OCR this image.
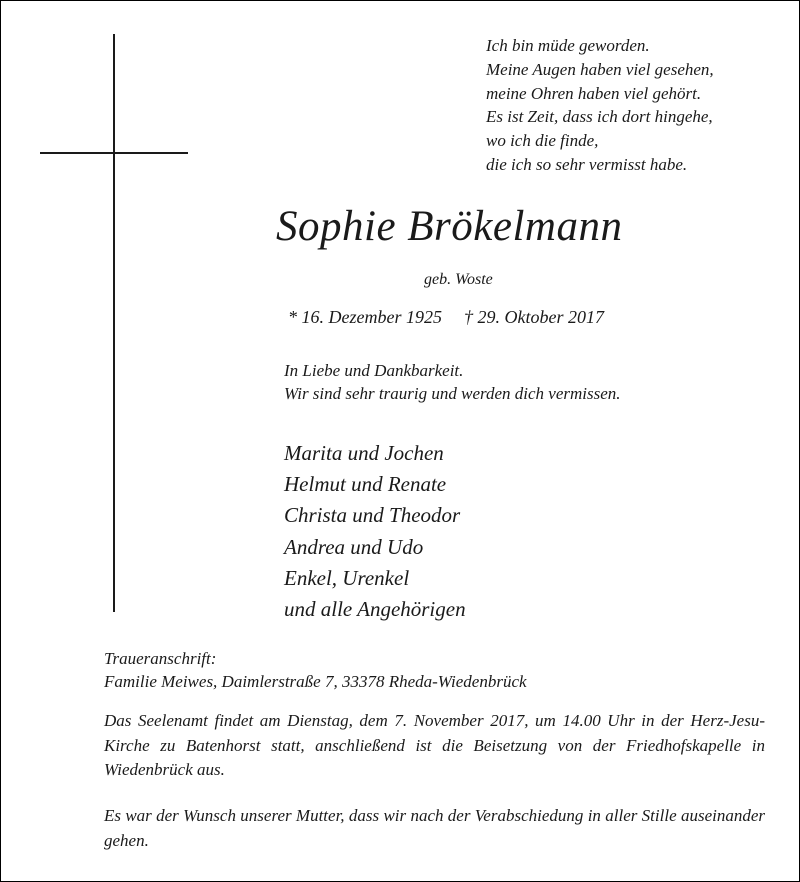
Ich bin müde geworden.
Meine Augen haben viel gesehen,
meine Ohren haben viel gehört.
Es ist Zeit, dass ich dort hingehe,
wo ich die finde,
die ich so sehr vermisst habe.
Sophie Brökelmann
geb. Woste
* 16. Dezember 1925 † 29. Oktober 2017
In Liebe und Dankbarkeit.
Wir sind sehr traurig und werden dich vermissen.
Marita und Jochen
Helmut und Renate
Christa und Theodor
Andrea und Udo
Enkel, Urenkel
und alle Angehörigen
Traueranschrift:
Familie Meiwes, Daimlerstraße 7, 33378 Rheda-Wiedenbrück
Das Seelenamt findet am Dienstag, dem 7. November 2017, um 14.00 Uhr in der Herz-Jesu-Kirche zu Batenhorst statt, anschließend ist die Beisetzung von der Friedhofskapelle in Wiedenbrück aus.
Es war der Wunsch unserer Mutter, dass wir nach der Verabschiedung in aller Stille auseinander gehen.
